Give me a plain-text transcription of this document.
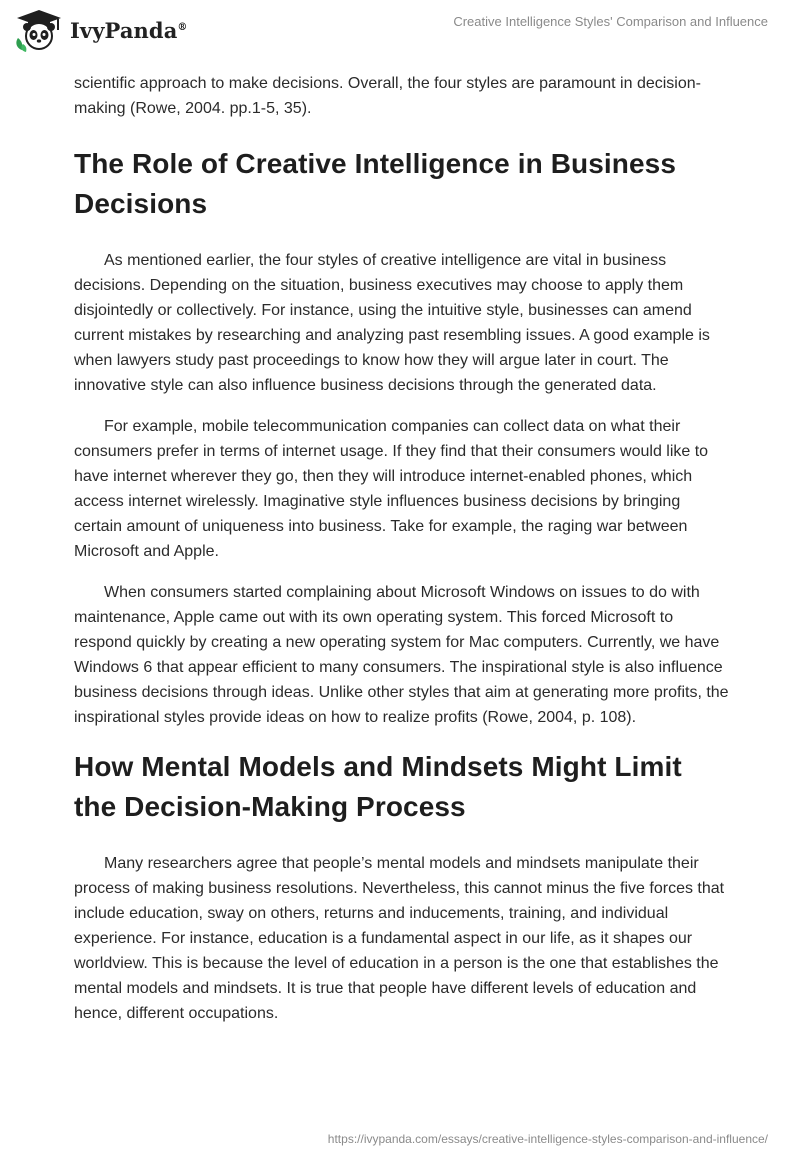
IvyPanda®	Creative Intelligence Styles' Comparison and Influence

scientific approach to make decisions. Overall, the four styles are paramount in decision-making (Rowe, 2004. pp.1-5, 35).

The Role of Creative Intelligence in Business Decisions

As mentioned earlier, the four styles of creative intelligence are vital in business decisions. Depending on the situation, business executives may choose to apply them disjointedly or collectively. For instance, using the intuitive style, businesses can amend current mistakes by researching and analyzing past resembling issues. A good example is when lawyers study past proceedings to know how they will argue later in court. The innovative style can also influence business decisions through the generated data.

For example, mobile telecommunication companies can collect data on what their consumers prefer in terms of internet usage. If they find that their consumers would like to have internet wherever they go, then they will introduce internet-enabled phones, which access internet wirelessly. Imaginative style influences business decisions by bringing certain amount of uniqueness into business. Take for example, the raging war between Microsoft and Apple.

When consumers started complaining about Microsoft Windows on issues to do with maintenance, Apple came out with its own operating system. This forced Microsoft to respond quickly by creating a new operating system for Mac computers. Currently, we have Windows 6 that appear efficient to many consumers. The inspirational style is also influence business decisions through ideas. Unlike other styles that aim at generating more profits, the inspirational styles provide ideas on how to realize profits (Rowe, 2004, p. 108).

How Mental Models and Mindsets Might Limit the Decision-Making Process

Many researchers agree that people’s mental models and mindsets manipulate their process of making business resolutions. Nevertheless, this cannot minus the five forces that include education, sway on others, returns and inducements, training, and individual experience. For instance, education is a fundamental aspect in our life, as it shapes our worldview. This is because the level of education in a person is the one that establishes the mental models and mindsets. It is true that people have different levels of education and hence, different occupations.

https://ivypanda.com/essays/creative-intelligence-styles-comparison-and-influence/
